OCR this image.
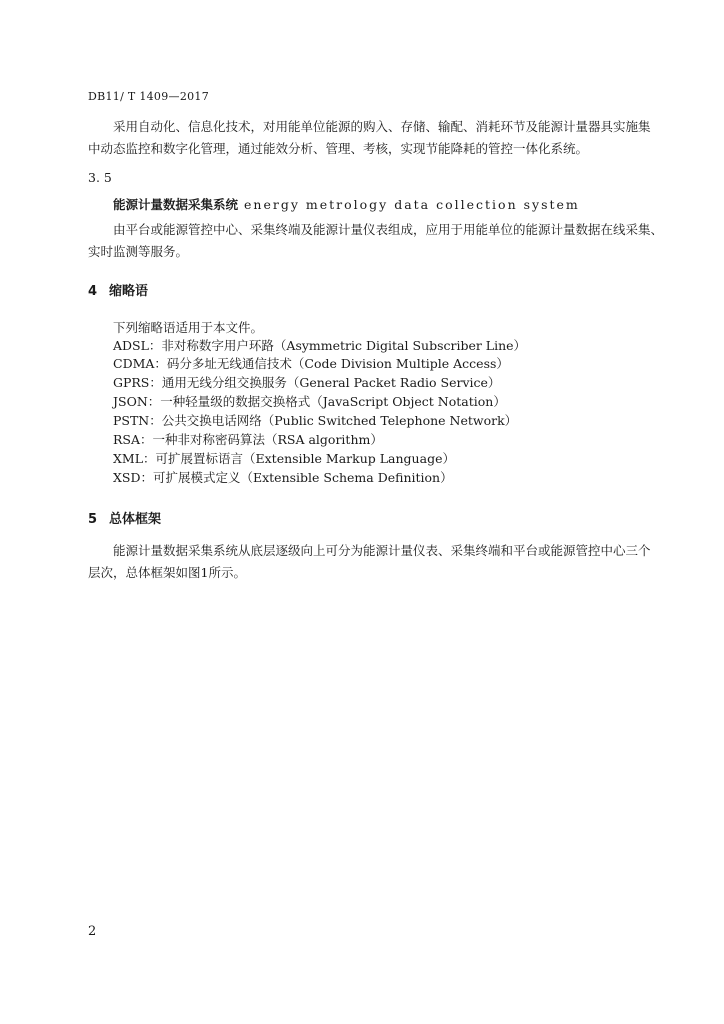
DB11/ T 1409—2017
采用自动化、信息化技术，对用能单位能源的购入、存储、输配、消耗环节及能源计量器具实施集
中动态监控和数字化管理，通过能效分析、管理、考核，实现节能降耗的管控一体化系统。
3. 5
能源计量数据采集系统 energy metrology data collection system
由平台或能源管控中心、采集终端及能源计量仪表组成，应用于用能单位的能源计量数据在线采集、
实时监测等服务。
4 缩略语
下列缩略语适用于本文件。
ADSL：非对称数字用户环路（Asymmetric Digital Subscriber Line）
CDMA：码分多址无线通信技术（Code Division Multiple Access）
GPRS：通用无线分组交换服务（General Packet Radio Service）
JSON：一种轻量级的数据交换格式（JavaScript Object Notation）
PSTN：公共交换电话网络（Public Switched Telephone Network）
RSA：一种非对称密码算法（RSA algorithm）
XML：可扩展置标语言（Extensible Markup Language）
XSD：可扩展模式定义（Extensible Schema Definition）
5 总体框架
能源计量数据采集系统从底层逐级向上可分为能源计量仪表、采集终端和平台或能源管控中心三个
层次，总体框架如图1所示。
2
